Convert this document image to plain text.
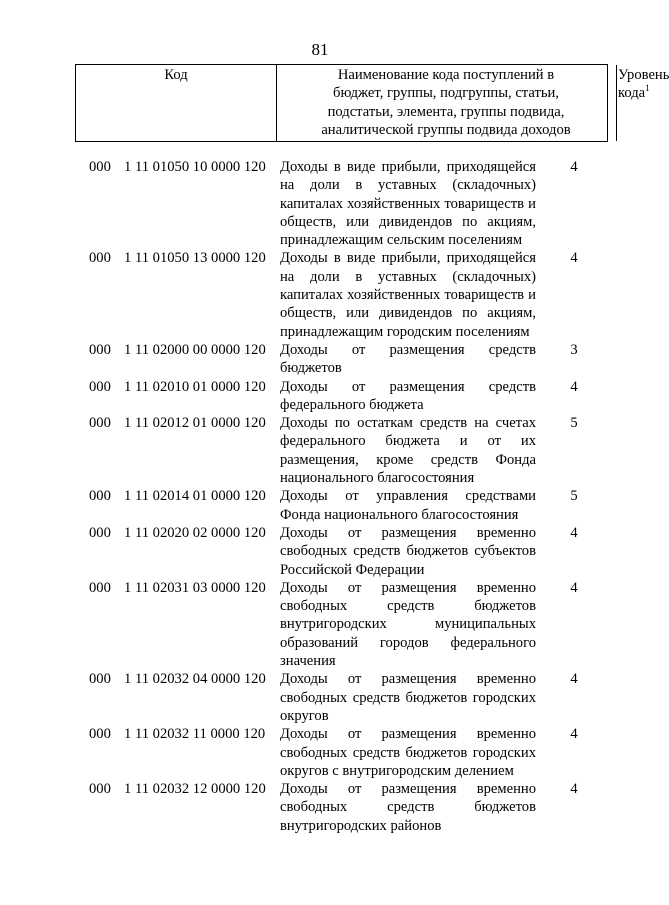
81
Код	Наименование кода поступлений в бюджет, группы, подгруппы, статьи, подстатьи, элемента, группы подвида, аналитической группы подвида доходов
Уровень кода$^1$
000 1 11 01050 10 0000 120 Доходы в виде прибыли, приходящейся на доли в уставных (складочных) капиталах хозяйственных товариществ и обществ, или дивидендов по акциям, принадлежащим сельским поселениям
4
000 1 11 01050 13 0000 120 Доходы в виде прибыли, приходящейся на доли в уставных (складочных) капиталах хозяйственных товариществ и обществ, или дивидендов по акциям, принадлежащим городским поселениям
4
000 1 11 02000 00 0000 120 Доходы от размещения средств бюджетов
3
000 1 11 02010 01 0000 120 Доходы от размещения средств федерального бюджета
4
000 1 11 02012 01 0000 120 Доходы по остаткам средств на счетах федерального бюджета и от их размещения, кроме средств Фонда национального благосостояния
5
000 1 11 02014 01 0000 120 Доходы от управления средствами Фонда национального благосостояния
5
000 1 11 02020 02 0000 120 Доходы от размещения временно свободных средств бюджетов субъектов Российской Федерации
4
000 1 11 02031 03 0000 120 Доходы от размещения временно свободных средств бюджетов внутригородских муниципальных образований городов федерального значения
4
000 1 11 02032 04 0000 120 Доходы от размещения временно свободных средств бюджетов городских округов
4
000 1 11 02032 11 0000 120 Доходы от размещения временно свободных средств бюджетов городских округов с внутригородским делением
4
000 1 11 02032 12 0000 120 Доходы от размещения временно свободных средств бюджетов внутригородских районов
4
